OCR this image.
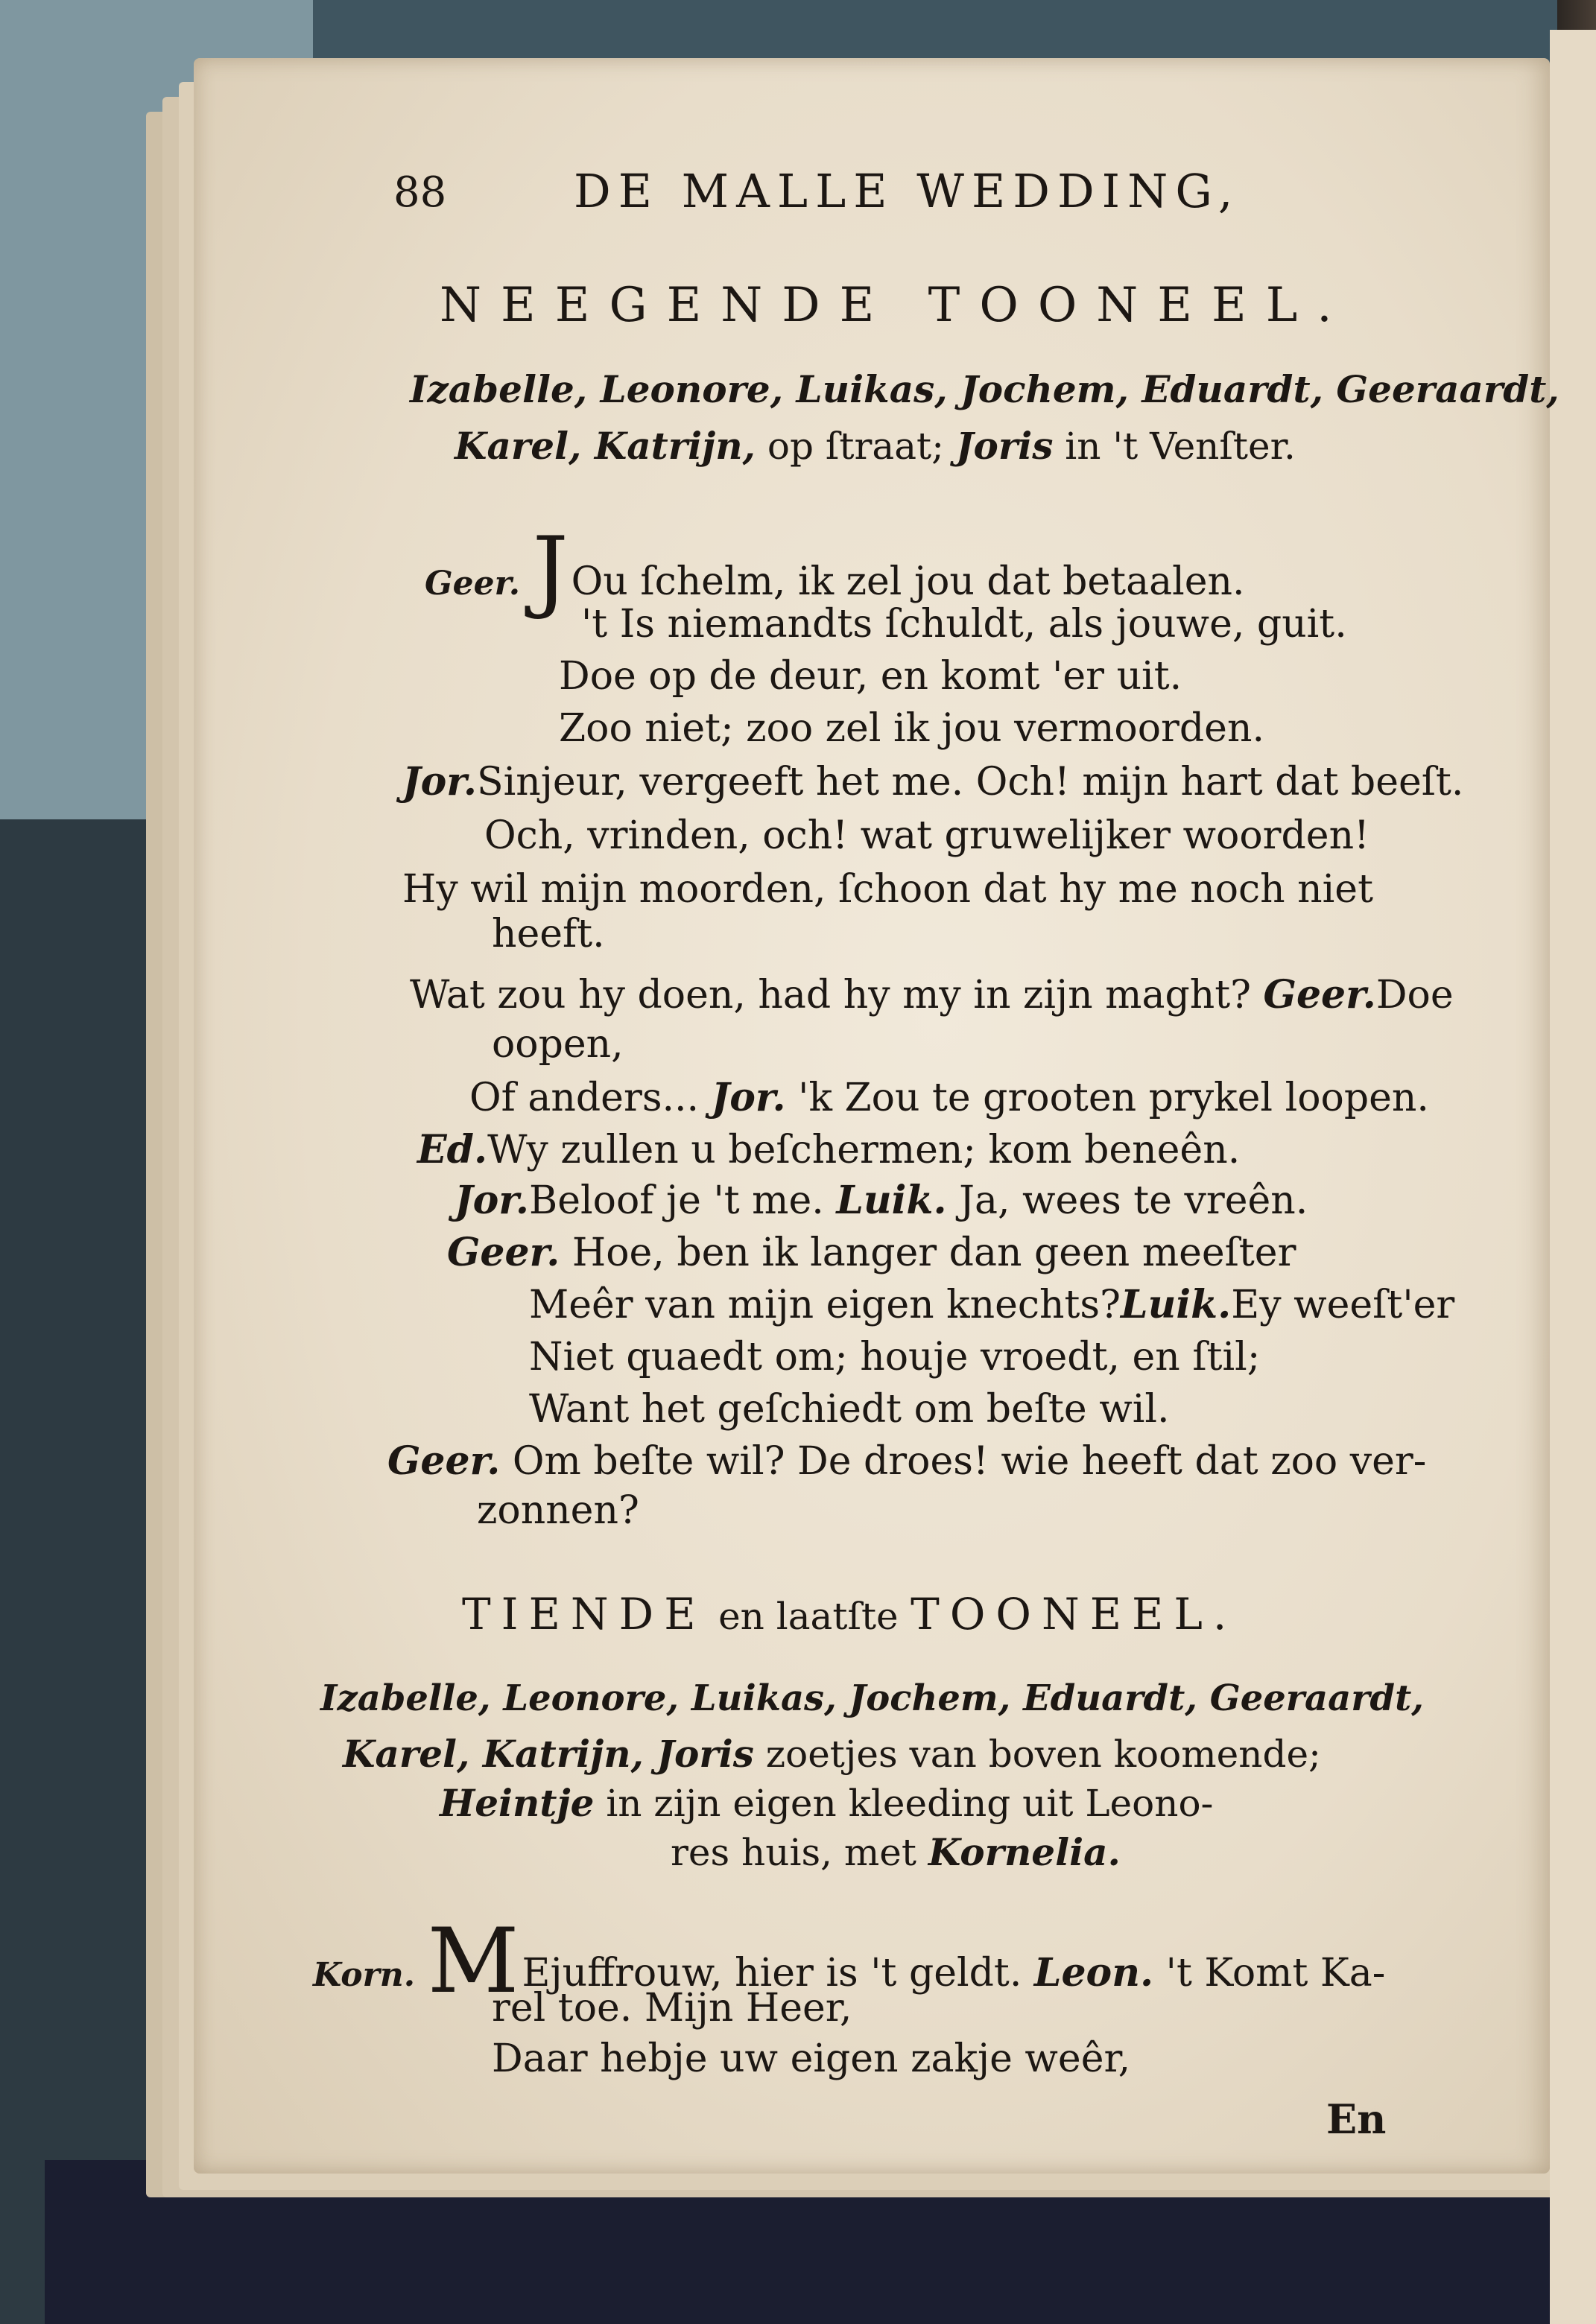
88	DE MALLE WEDDING,
NEEGENDE TOONEEL.
Izabelle, Leonore, Luikas, Jochem, Eduardt, Geeraardt,
Karel, Katrijn, op ſtraat; Joris in 't Venſter.
Geer. JOu ſchelm, ik zel jou dat betaalen.
't Is niemandts ſchuldt, als jouwe, guit.
Doe op de deur, en komt 'er uit.
Zoo niet; zoo zel ik jou vermoorden.
Jor.Sinjeur, vergeeft het me. Och! mijn hart dat beeſt.
Och, vrinden, och! wat gruwelijker woorden!
Hy wil mijn moorden, ſchoon dat hy me noch niet
heeft.
Wat zou hy doen, had hy my in zijn maght? Geer.Doe
oopen,
Of anders... Jor. 'k Zou te grooten prykel loopen.
Ed.Wy zullen u beſchermen; kom beneên.
Jor.Beloof je 't me. Luik. Ja, wees te vreên.
Geer. Hoe, ben ik langer dan geen meeſter
Meêr van mijn eigen knechts?Luik.Ey weeſt'er
Niet quaedt om; houje vroedt, en ſtil;
Want het geſchiedt om beſte wil.
Geer. Om beſte wil? De droes! wie heeft dat zoo ver-
zonnen?
TIENDE en laatſte TOONEEL.
Izabelle, Leonore, Luikas, Jochem, Eduardt, Geeraardt,
Karel, Katrijn, Joris zoetjes van boven koomende;
Heintje in zijn eigen kleeding uit Leono-
res huis, met Kornelia.
Korn. MEjuffrouw, hier is 't geldt. Leon. 't Komt Ka-
rel toe. Mijn Heer,
Daar hebje uw eigen zakje weêr,
En
